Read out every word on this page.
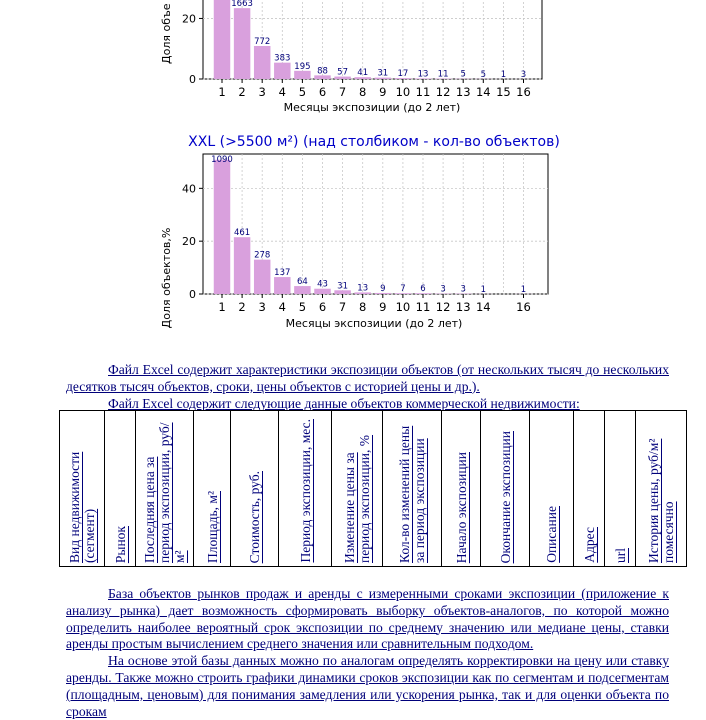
1663
772
383
195 88 57 41 31 17 13 11 5 5 1 3
1 2 3 4 5 6 7 8 9 10 11 12 13 14 15 16
0
20
Месяцы экспозиции (до 2 лет)
Доля объе
XXL (>5500 м²) (над столбиком - кол-во объектов)
1090
461
278
137
64 43 31 13 9 7 6 3 3 1	1
1 2 3 4 5 6 7 8 9 10 11 12 13 14 16
0
20
40
Месяцы экспозиции (до 2 лет)
Доля объектов,%

Файл Excel содержит характеристики экспозиции объектов (от нескольких тысяч до нескольких десятков тысяч объектов, сроки, цены объектов с историей цены и др.).
Файл Excel содержит следующие данные объектов коммерческой недвижимости:

Вид недвижимости (сегмент)	Рынок	Последняя цена за период экспозиции, руб/м²	Площадь, м²	Стоимость, руб.	Период экспозиции, мес.	Изменение цены за период экспозиции, %	Кол-во изменений цены за период экспозиции	Начало экспозиции	Окончание экспозиции	Описание	Адрес	url	История цены, руб/м² помесячно

База объектов рынков продаж и аренды с измеренными сроками экспозиции (приложение к анализу рынка) дает возможность сформировать выборку объектов-аналогов, по которой можно определить наиболее вероятный срок экспозиции по среднему значению или медиане цены, ставки аренды простым вычислением среднего значения или сравнительным подходом.
На основе этой базы данных можно по аналогам определять корректировки на цену или ставку аренды. Также можно строить графики динамики сроков экспозиции как по сегментам и подсегментам (площадным, ценовым) для понимания замедления или ускорения рынка, так и для оценки объекта по срокам
